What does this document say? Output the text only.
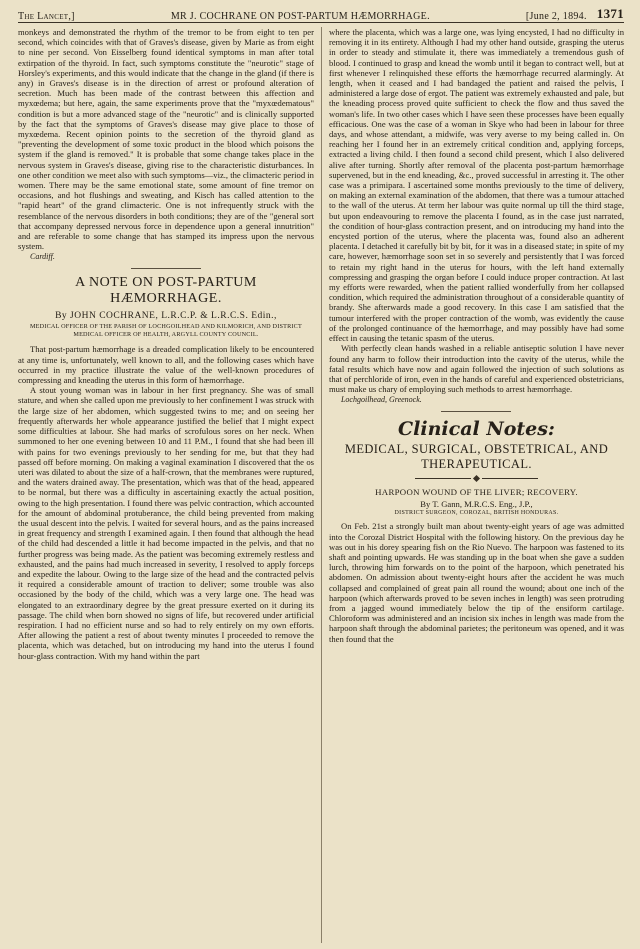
The Lancet,]	MR J. COCHRANE ON POST-PARTUM HÆMORRHAGE.	[June 2, 1894. 1371

monkeys and demonstrated the rhythm of the tremor to be from eight to ten per second, which coincides with that of Graves's disease, given by Marie as from eight to nine per second. Von Eisselberg found identical symptoms in man after total extirpation of the thyroid. In fact, such symptoms constitute the "neurotic" stage of Horsley's experiments, and this would indicate that the change in the gland (if there is any) in Graves's disease is in the direction of arrest or profound alteration of secretion. Much has been made of the contrast between this affection and myxœdema; but here, again, the same experiments prove that the "myxœdematous" condition is but a more advanced stage of the "neurotic" and is clinically supported by the fact that the symptoms of Graves's disease may give place to those of myxœdema. Recent opinion points to the secretion of the thyroid gland as "preventing the development of some toxic product in the blood which poisons the system if the gland is removed." It is probable that some change takes place in the nervous system in Graves's disease, giving rise to the characteristic disturbances. In one other condition we meet also with such symptoms—viz., the climacteric period in women. There may be the same emotional state, some amount of fine tremor on occasions, and hot flushings and sweating, and Kisch has called attention to the "rapid heart" of the grand climacteric. One is not infrequently struck with the resemblance of the nervous disorders in both conditions; they are of the "general sort that accompany depressed nervous force in dependence upon a general innutrition" and are referable to some change that has stamped its impress upon the nervous system.

Cardiff.
A NOTE ON POST-PARTUM HÆMORRHAGE.
By JOHN COCHRANE, L.R.C.P. & L.R.C.S. Edin.,
MEDICAL OFFICER OF THE PARISH OF LOCHGOILHEAD AND KILMORICH, AND DISTRICT MEDICAL OFFICER OF HEALTH, ARGYLL COUNTY COUNCIL.

That post-partum hæmorrhage is a dreaded complication likely to be encountered at any time is, unfortunately, well known to all, and the following cases which have occurred in my practice illustrate the value of the well-known procedures of compressing and kneading the uterus in this form of hæmorrhage.

A stout young woman was in labour in her first pregnancy. She was of small stature, and when she called upon me previously to her confinement I was struck with the large size of her abdomen, which suggested twins to me; and on seeing her frequently afterwards her whole appearance justified the belief that I might expect some difficulties at labour. She had marks of scrofulous sores on her neck. When summoned to her one evening between 10 and 11 P.M., I found that she had been ill with pains for two evenings previously to her sending for me, but that they had passed off before morning. On making a vaginal examination I discovered that the os uteri was dilated to about the size of a half-crown, that the membranes were ruptured, and the waters drained away. The presentation, which was that of the head, appeared to be normal, but there was a difficulty in ascertaining exactly the actual position, owing to the high presentation. I found there was pelvic contraction, which accounted for the amount of abdominal protuberance, the child being prevented from making the usual descent into the pelvis. I waited for several hours, and as the pains increased in great frequency and strength I examined again. I then found that although the head of the child had descended a little it had become impacted in the pelvis, and that no further progress was being made. As the patient was becoming extremely restless and exhausted, and the pains had much increased in severity, I resolved to apply forceps and expedite the labour. Owing to the large size of the head and the contracted pelvis it required a considerable amount of traction to deliver; some trouble was also occasioned by the body of the child, which was a very large one. The head was elongated to an extraordinary degree by the great pressure exerted on it during its passage. The child when born showed no signs of life, but recovered under artificial respiration. I had no efficient nurse and so had to rely entirely on my own efforts. After allowing the patient a rest of about twenty minutes I proceeded to remove the placenta, which was detached, but on introducing my hand into the uterus I found hour-glass contraction. With my hand within the part

where the placenta, which was a large one, was lying encysted, I had no difficulty in removing it in its entirety. Although I had my other hand outside, grasping the uterus in order to steady and stimulate it, there was immediately a tremendous gush of blood. I continued to grasp and knead the womb until it began to contract well, but at first whenever I relinquished these efforts the hæmorrhage recurred alarmingly. At length, when it ceased and I had bandaged the patient and raised the pelvis, I administered a large dose of ergot. The patient was extremely exhausted and pale, but the kneading process proved quite sufficient to check the flow and thus saved the woman's life. In two other cases which I have seen these processes have been equally efficacious. One was the case of a woman in Skye who had been in labour for three days, and whose attendant, a midwife, was very averse to my being called in. On reaching her I found her in an extremely critical condition and, applying forceps, extracted a living child. I then found a second child present, which I also delivered alive after turning. Shortly after removal of the placenta post-partum hæmorrhage supervened, but in the end kneading, &c., proved successful in arresting it. The other case was a primipara. I ascertained some months previously to the time of delivery, on making an external examination of the abdomen, that there was a tumour attached to the wall of the uterus. At term her labour was quite normal up till the third stage, but upon endeavouring to remove the placenta I found, as in the case just narrated, the condition of hour-glass contraction present, and on introducing my hand into the encysted portion of the uterus, where the placenta was, found also an adherent placenta. I detached it carefully bit by bit, for it was in a diseased state; in spite of my care, however, hæmorrhage soon set in so severely and persistently that I was forced to retain my right hand in the uterus for hours, with the left hand externally compressing and grasping the organ before I could induce proper contraction. At last my efforts were rewarded, when the patient rallied wonderfully from her collapsed condition, which required the administration throughout of a considerable quantity of brandy. She afterwards made a good recovery. In this case I am satisfied that the tumour interfered with the proper contraction of the womb, was evidently the cause of the prolonged continuance of the hæmorrhage, and may possibly have had some effect in causing the tetanic spasm of the uterus.

With perfectly clean hands washed in a reliable antiseptic solution I have never found any harm to follow their introduction into the cavity of the uterus, while the fatal results which have now and again followed the injection of such solutions as that of perchloride of iron, even in the hands of careful and experienced obstetricians, must make us chary of employing such methods to arrest hæmorrhage.

Lochgoilhead, Greenock.
Clinical Notes:
MEDICAL, SURGICAL, OBSTETRICAL, AND THERAPEUTICAL.
HARPOON WOUND OF THE LIVER; RECOVERY.
By T. Gann, M.R.C.S. Eng., J.P.,
DISTRICT SURGEON, COROZAL, BRITISH HONDURAS.

On Feb. 21st a strongly built man about twenty-eight years of age was admitted into the Corozal District Hospital with the following history. On the previous day he was out in his dorey spearing fish on the Rio Nuevo. The harpoon was fastened to its shaft and pointing upwards. He was standing up in the boat when she gave a sudden lurch, throwing him forwards on to the point of the harpoon, which penetrated his abdomen. On admission about twenty-eight hours after the accident he was much collapsed and complained of great pain all round the wound; about one inch of the harpoon (which afterwards proved to be seven inches in length) was seen protruding from a jagged wound immediately below the tip of the ensiform cartilage. Chloroform was administered and an incision six inches in length was made from the harpoon shaft through the abdominal parietes; the peritoneum was opened, and it was then found that the
